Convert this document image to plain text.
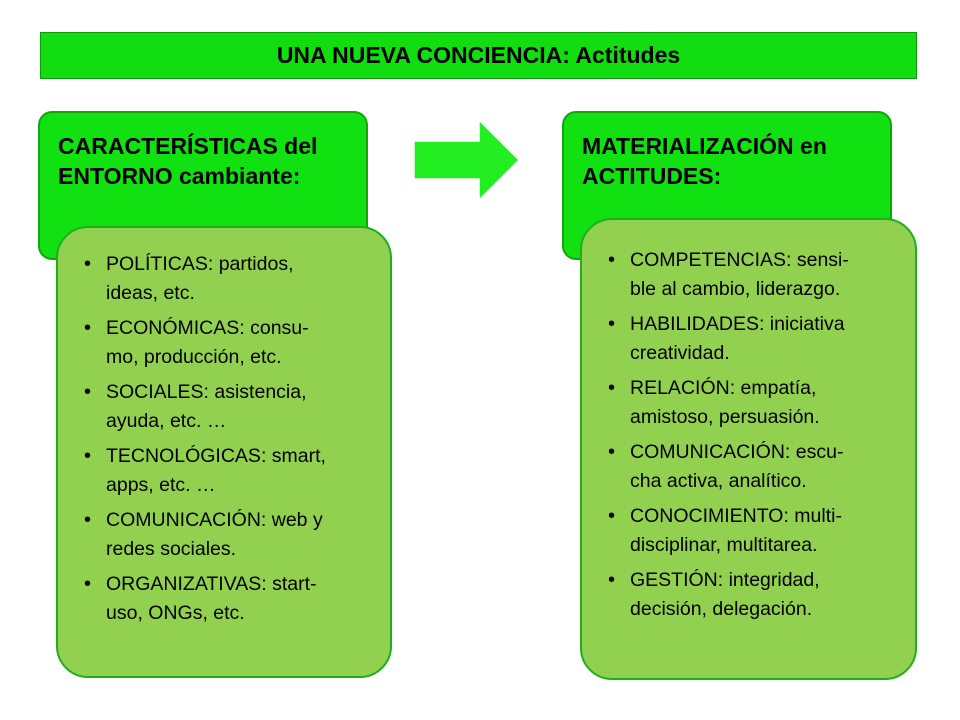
UNA NUEVA CONCIENCIA: Actitudes
CARACTERÍSTICAS del
ENTORNO cambiante:
• POLÍTICAS: partidos,
ideas, etc.
• ECONÓMICAS: consu-
mo, producción, etc.
• SOCIALES: asistencia,
ayuda, etc. …
• TECNOLÓGICAS: smart,
apps, etc. …
• COMUNICACIÓN: web y
redes sociales.
• ORGANIZATIVAS: start-
uso, ONGs, etc.
MATERIALIZACIÓN en
ACTITUDES:
• COMPETENCIAS: sensi-
ble al cambio, liderazgo.
• HABILIDADES: iniciativa
creatividad.
• RELACIÓN: empatía,
amistoso, persuasión.
• COMUNICACIÓN: escu-
cha activa, analítico.
• CONOCIMIENTO: multi-
disciplinar, multitarea.
• GESTIÓN: integridad,
decisión, delegación.
